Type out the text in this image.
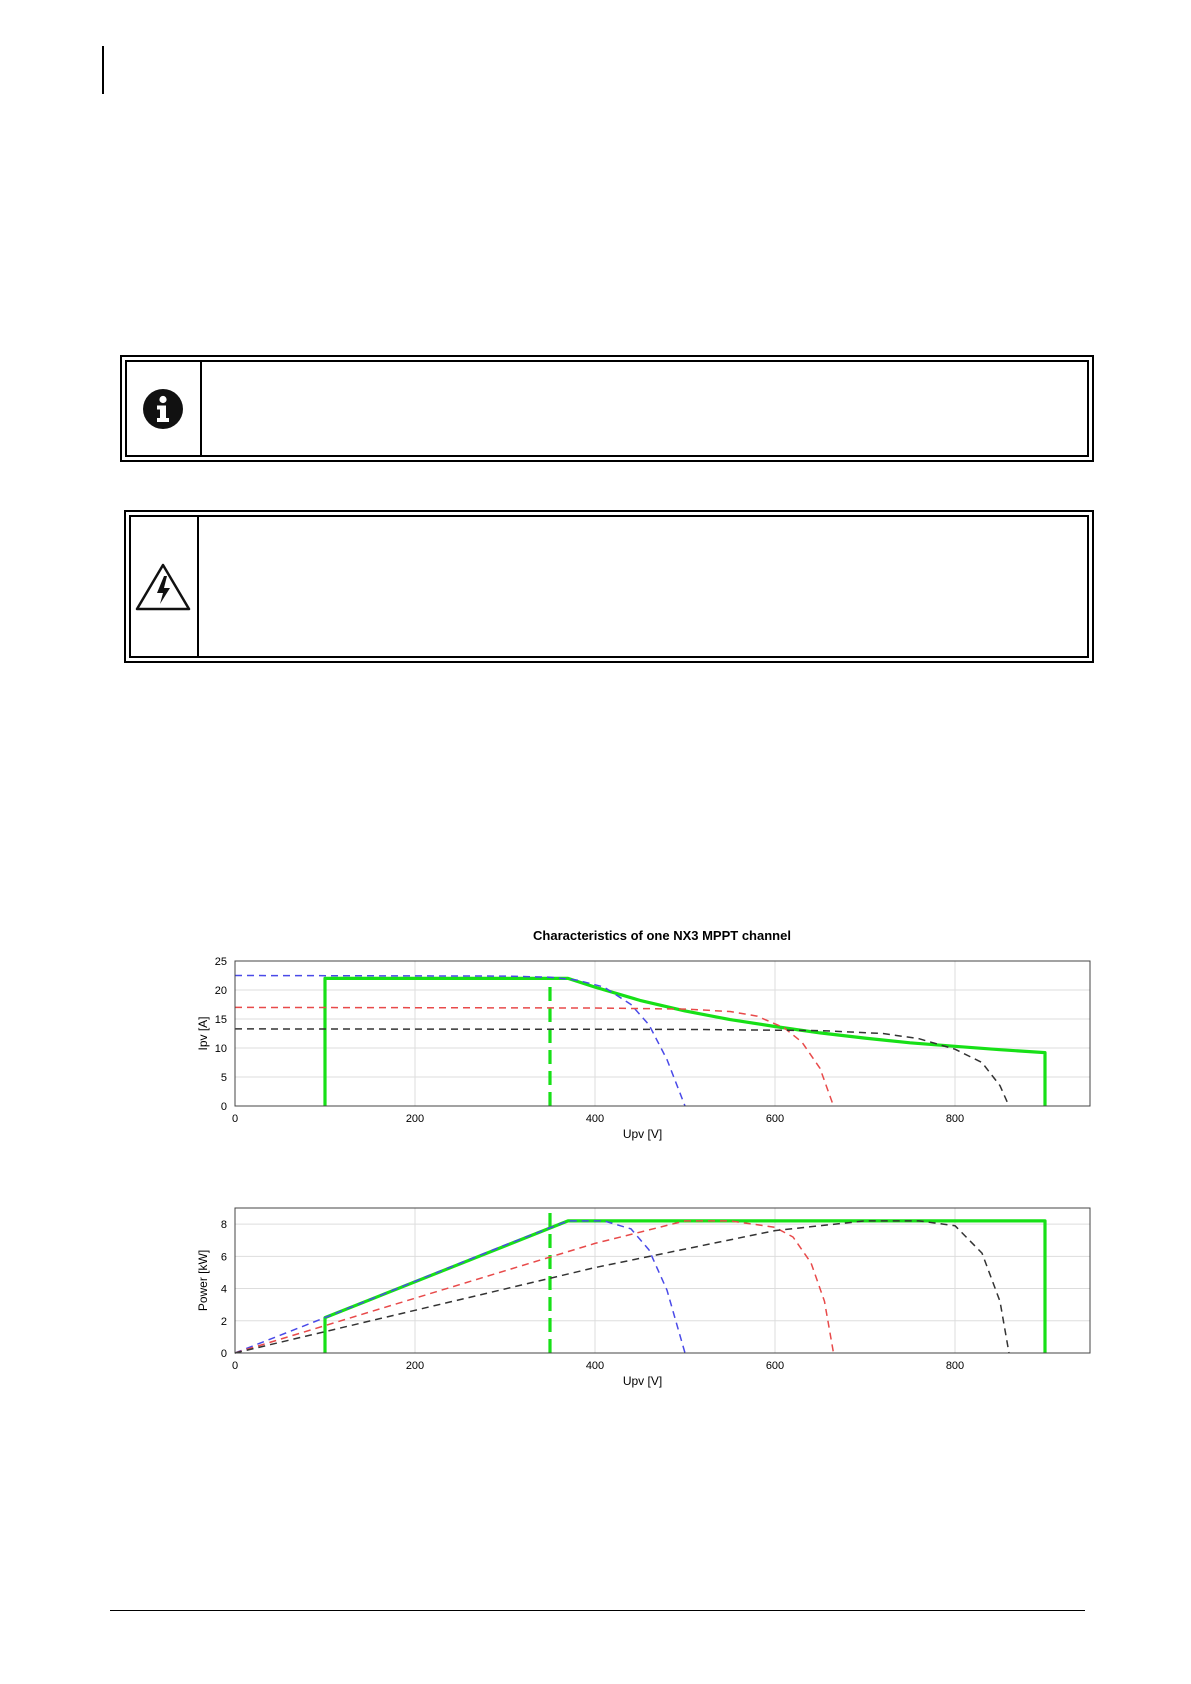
Characteristics of one NX3 MPPT channel
0	200	400	600	800
0
5
10
15
20
25
Upv [V]
Ipv [A]
0	200	400	600	800
0
2
4
6
8
Upv [V]
Power [kW]
